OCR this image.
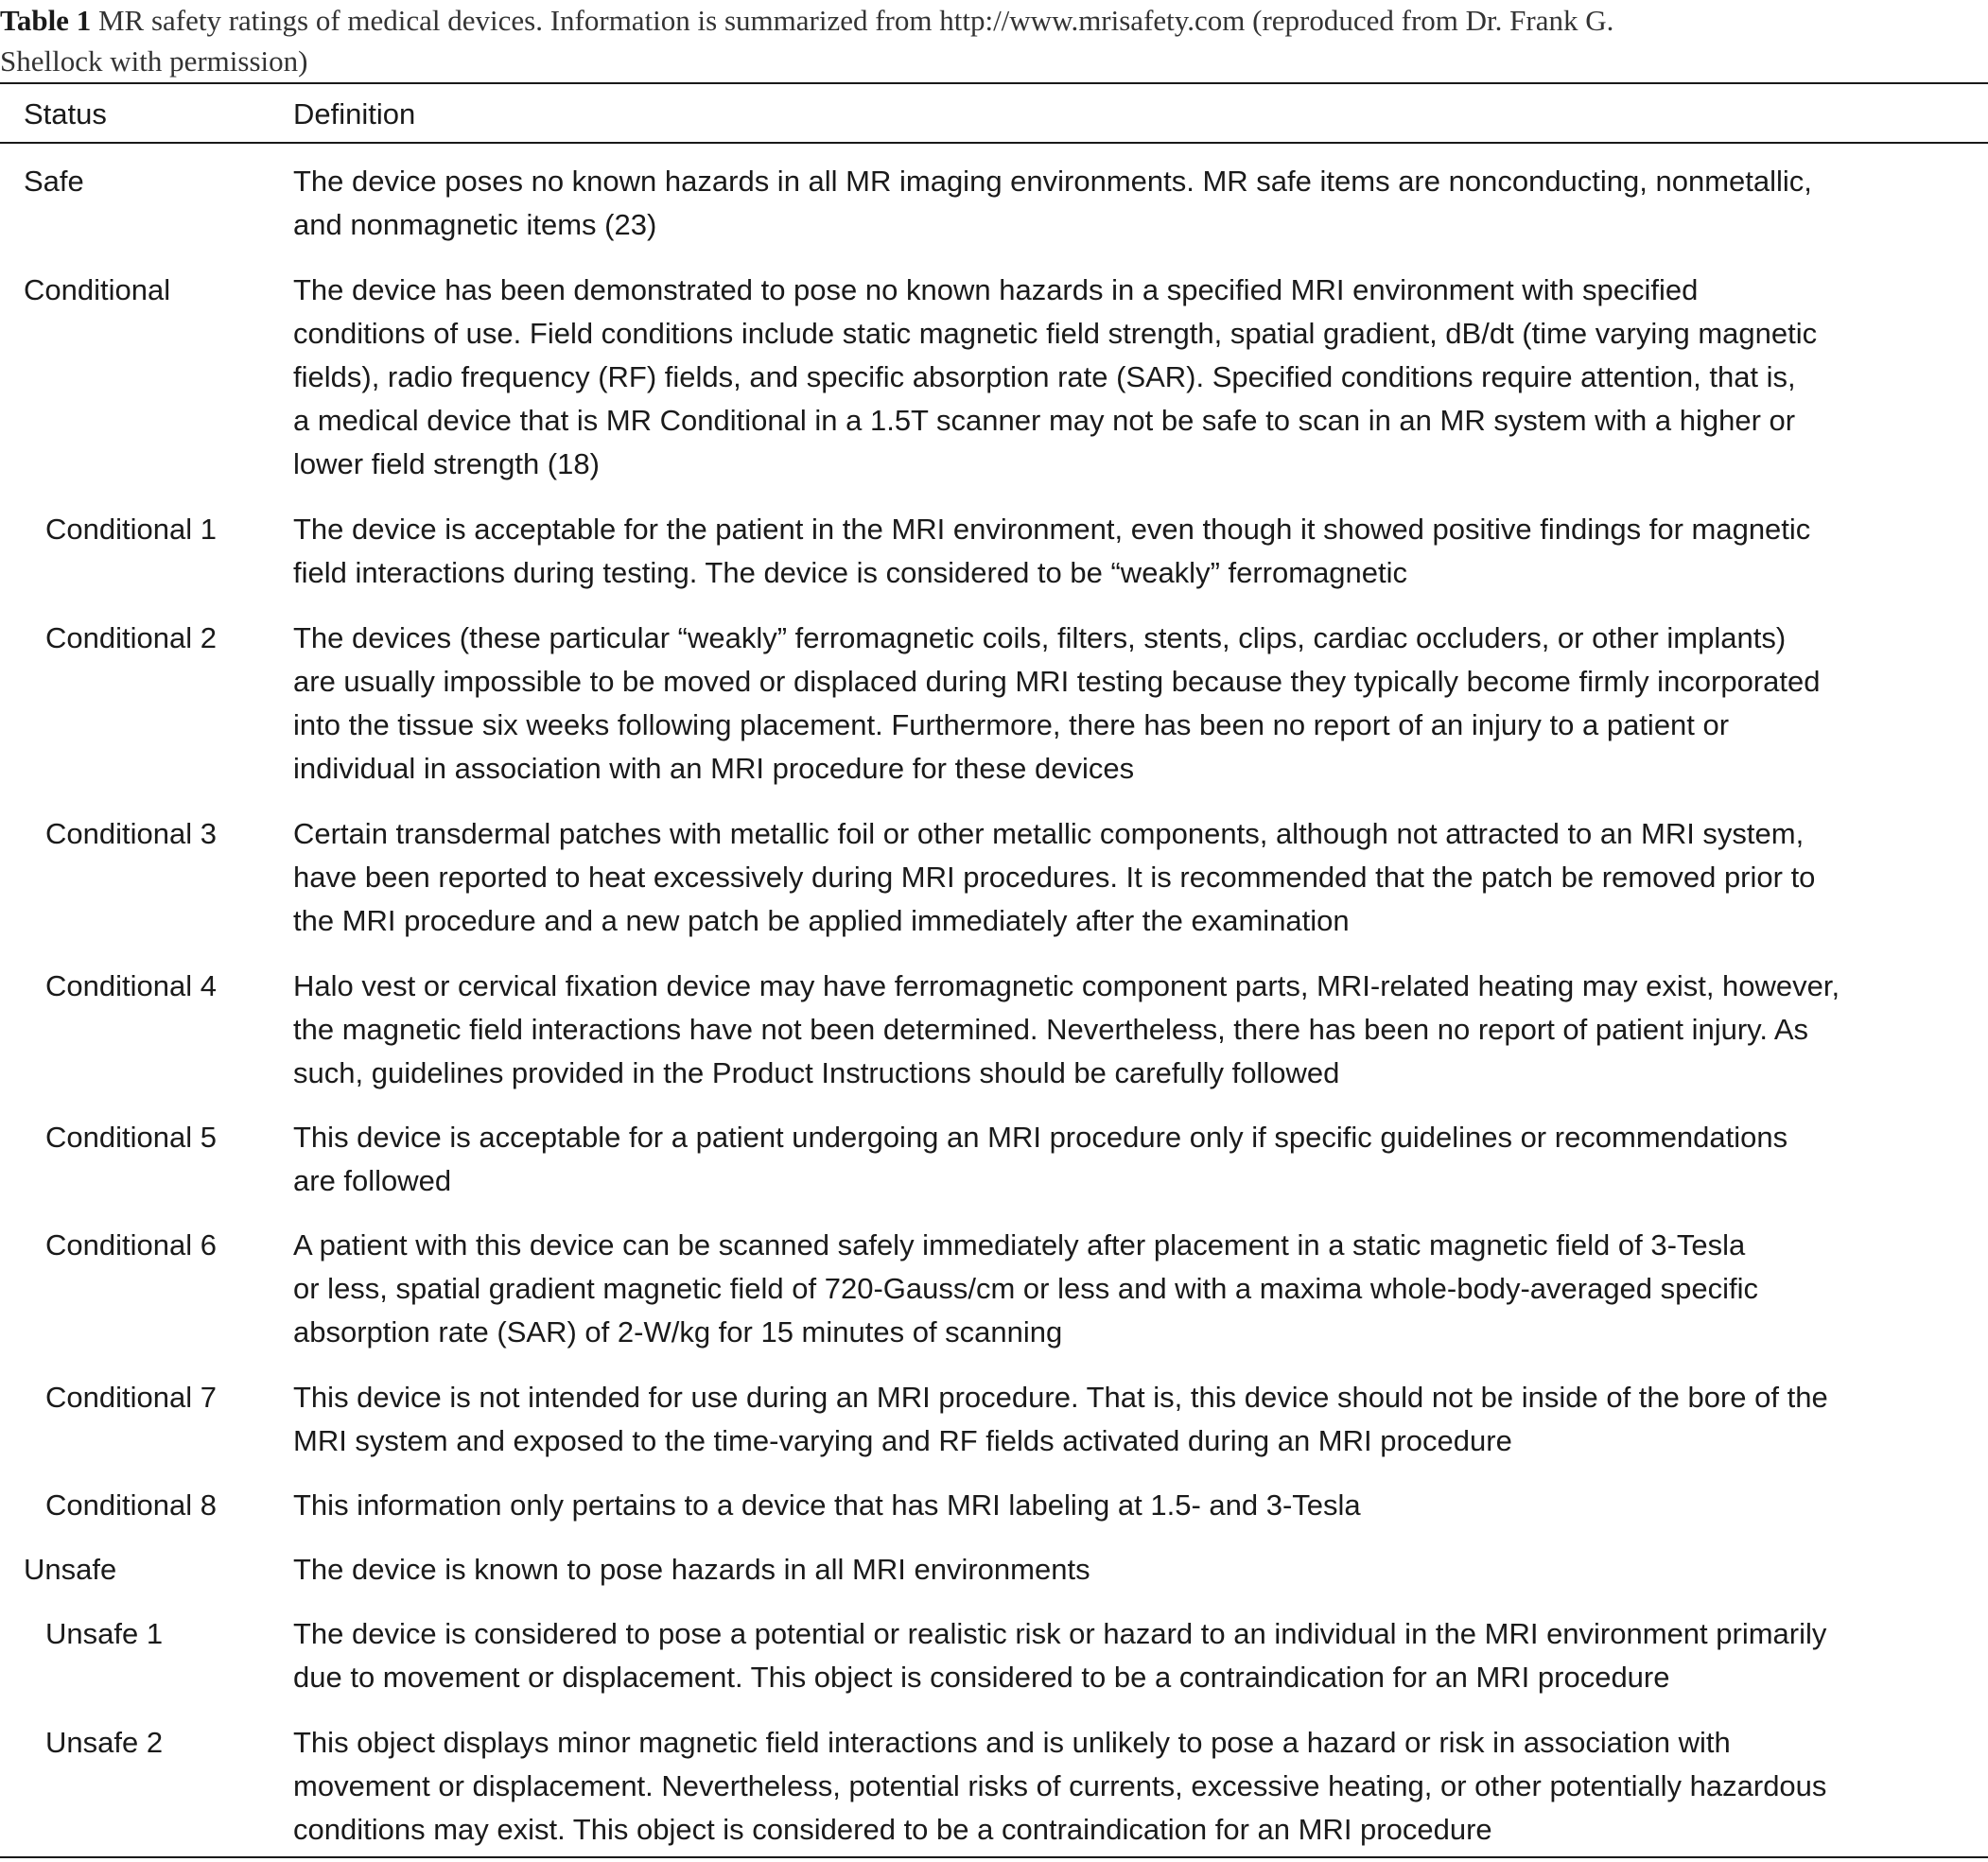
Table 1 MR safety ratings of medical devices. Information is summarized from http://www.mrisafety.com (reproduced from Dr. Frank G.
Shellock with permission)
Status	Definition
Safe	The device poses no known hazards in all MR imaging environments. MR safe items are nonconducting, nonmetallic,
and nonmagnetic items (23)
Conditional	The device has been demonstrated to pose no known hazards in a specified MRI environment with specified
conditions of use. Field conditions include static magnetic field strength, spatial gradient, dB/dt (time varying magnetic
fields), radio frequency (RF) fields, and specific absorption rate (SAR). Specified conditions require attention, that is,
a medical device that is MR Conditional in a 1.5T scanner may not be safe to scan in an MR system with a higher or
lower field strength (18)
Conditional 1	The device is acceptable for the patient in the MRI environment, even though it showed positive findings for magnetic
field interactions during testing. The device is considered to be “weakly” ferromagnetic
Conditional 2	The devices (these particular “weakly” ferromagnetic coils, filters, stents, clips, cardiac occluders, or other implants)
are usually impossible to be moved or displaced during MRI testing because they typically become firmly incorporated
into the tissue six weeks following placement. Furthermore, there has been no report of an injury to a patient or
individual in association with an MRI procedure for these devices
Conditional 3	Certain transdermal patches with metallic foil or other metallic components, although not attracted to an MRI system,
have been reported to heat excessively during MRI procedures. It is recommended that the patch be removed prior to
the MRI procedure and a new patch be applied immediately after the examination
Conditional 4	Halo vest or cervical fixation device may have ferromagnetic component parts, MRI-related heating may exist, however,
the magnetic field interactions have not been determined. Nevertheless, there has been no report of patient injury. As
such, guidelines provided in the Product Instructions should be carefully followed
Conditional 5	This device is acceptable for a patient undergoing an MRI procedure only if specific guidelines or recommendations
are followed
Conditional 6	A patient with this device can be scanned safely immediately after placement in a static magnetic field of 3-Tesla
or less, spatial gradient magnetic field of 720-Gauss/cm or less and with a maxima whole-body-averaged specific
absorption rate (SAR) of 2-W/kg for 15 minutes of scanning
Conditional 7	This device is not intended for use during an MRI procedure. That is, this device should not be inside of the bore of the
MRI system and exposed to the time-varying and RF fields activated during an MRI procedure
Conditional 8	This information only pertains to a device that has MRI labeling at 1.5- and 3-Tesla
Unsafe	The device is known to pose hazards in all MRI environments
Unsafe 1	The device is considered to pose a potential or realistic risk or hazard to an individual in the MRI environment primarily
due to movement or displacement. This object is considered to be a contraindication for an MRI procedure
Unsafe 2	This object displays minor magnetic field interactions and is unlikely to pose a hazard or risk in association with
movement or displacement. Nevertheless, potential risks of currents, excessive heating, or other potentially hazardous
conditions may exist. This object is considered to be a contraindication for an MRI procedure
